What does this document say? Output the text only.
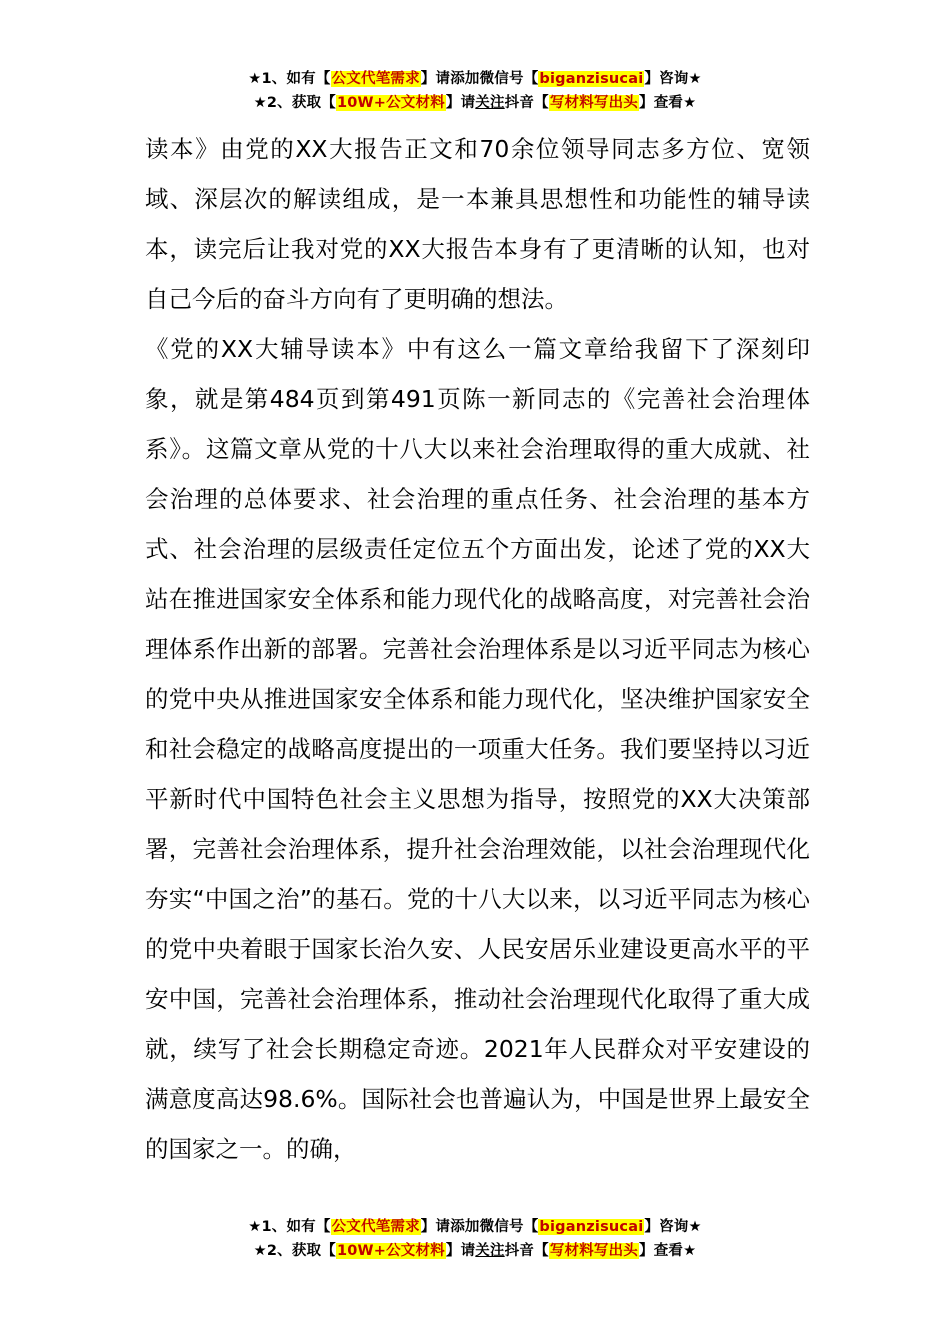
★1、如有【公文代笔需求】请添加微信号【biganzisucai】咨询★
★2、获取【10W+公文材料】请关注抖音【写材料写出头】查看★

读本》由党的XX大报告正文和70余位领导同志多方位、宽领域、深层次的解读组成，是一本兼具思想性和功能性的辅导读本，读完后让我对党的XX大报告本身有了更清晰的认知，也对自己今后的奋斗方向有了更明确的想法。

《党的XX大辅导读本》中有这么一篇文章给我留下了深刻印象，就是第484页到第491页陈一新同志的《完善社会治理体系》。这篇文章从党的十八大以来社会治理取得的重大成就、社会治理的总体要求、社会治理的重点任务、社会治理的基本方式、社会治理的层级责任定位五个方面出发，论述了党的XX大站在推进国家安全体系和能力现代化的战略高度，对完善社会治理体系作出新的部署。完善社会治理体系是以习近平同志为核心的党中央从推进国家安全体系和能力现代化，坚决维护国家安全和社会稳定的战略高度提出的一项重大任务。我们要坚持以习近平新时代中国特色社会主义思想为指导，按照党的XX大决策部署，完善社会治理体系，提升社会治理效能，以社会治理现代化夯实“中国之治”的基石。党的十八大以来，以习近平同志为核心的党中央着眼于国家长治久安、人民安居乐业建设更高水平的平安中国，完善社会治理体系，推动社会治理现代化取得了重大成就，续写了社会长期稳定奇迹。2021年人民群众对平安建设的满意度高达98.6%。国际社会也普遍认为，中国是世界上最安全的国家之一。的确，

★1、如有【公文代笔需求】请添加微信号【biganzisucai】咨询★
★2、获取【10W+公文材料】请关注抖音【写材料写出头】查看★
